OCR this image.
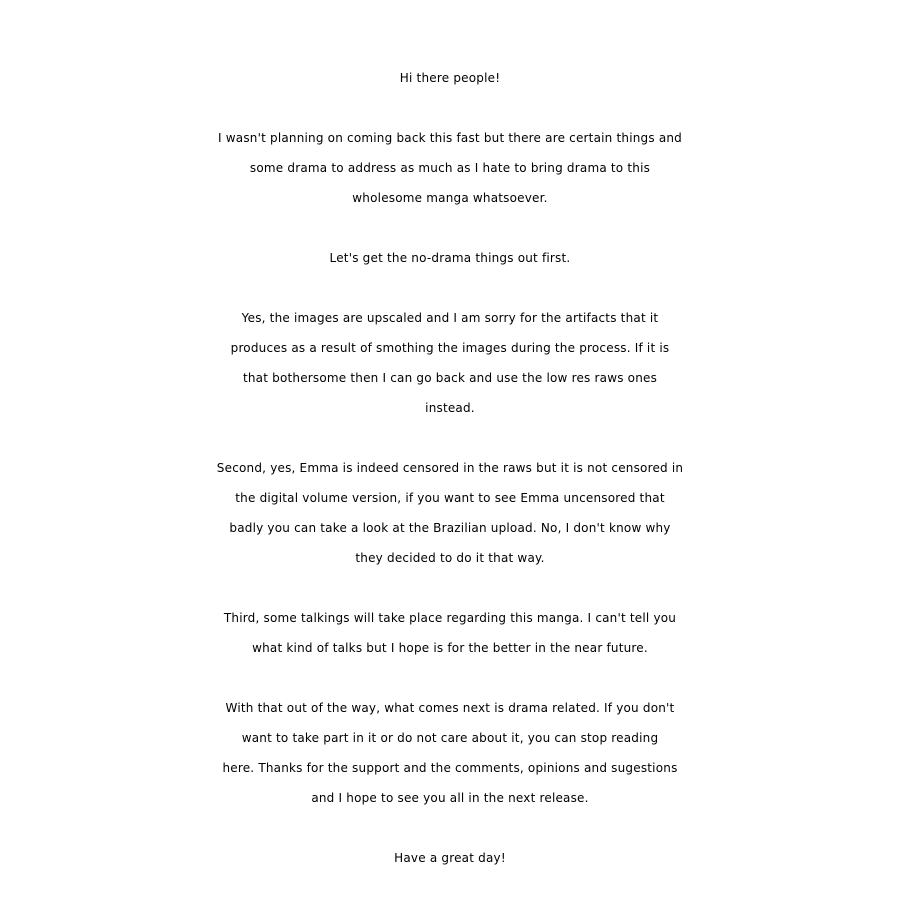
Hi there people!
I wasn't planning on coming back this fast but there are certain things and
some drama to address as much as I hate to bring drama to this
wholesome manga whatsoever.
Let's get the no-drama things out first.
Yes, the images are upscaled and I am sorry for the artifacts that it
produces as a result of smothing the images during the process. If it is
that bothersome then I can go back and use the low res raws ones
instead.
Second, yes, Emma is indeed censored in the raws but it is not censored in
the digital volume version, if you want to see Emma uncensored that
badly you can take a look at the Brazilian upload. No, I don't know why
they decided to do it that way.
Third, some talkings will take place regarding this manga. I can't tell you
what kind of talks but I hope is for the better in the near future.
With that out of the way, what comes next is drama related. If you don't
want to take part in it or do not care about it, you can stop reading
here. Thanks for the support and the comments, opinions and sugestions
and I hope to see you all in the next release.
Have a great day!
